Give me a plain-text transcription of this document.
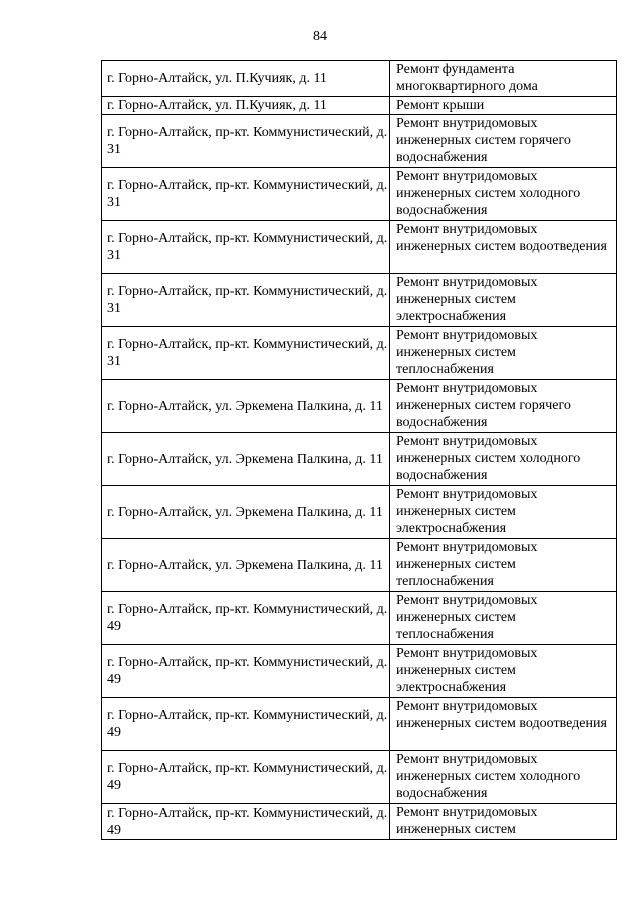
84
г. Горно-Алтайск, ул. П.Кучияк, д. 11	Ремонт фундамента многоквартирного дома
г. Горно-Алтайск, ул. П.Кучияк, д. 11	Ремонт крыши
г. Горно-Алтайск, пр-кт. Коммунистический, д. 31	Ремонт внутридомовых инженерных систем горячего водоснабжения
г. Горно-Алтайск, пр-кт. Коммунистический, д. 31	Ремонт внутридомовых инженерных систем холодного водоснабжения
г. Горно-Алтайск, пр-кт. Коммунистический, д. 31	Ремонт внутридомовых инженерных систем водоотведения
г. Горно-Алтайск, пр-кт. Коммунистический, д. 31	Ремонт внутридомовых инженерных систем электроснабжения
г. Горно-Алтайск, пр-кт. Коммунистический, д. 31	Ремонт внутридомовых инженерных систем теплоснабжения
г. Горно-Алтайск, ул. Эркемена Палкина, д. 11	Ремонт внутридомовых инженерных систем горячего водоснабжения
г. Горно-Алтайск, ул. Эркемена Палкина, д. 11	Ремонт внутридомовых инженерных систем холодного водоснабжения
г. Горно-Алтайск, ул. Эркемена Палкина, д. 11	Ремонт внутридомовых инженерных систем электроснабжения
г. Горно-Алтайск, ул. Эркемена Палкина, д. 11	Ремонт внутридомовых инженерных систем теплоснабжения
г. Горно-Алтайск, пр-кт. Коммунистический, д. 49	Ремонт внутридомовых инженерных систем теплоснабжения
г. Горно-Алтайск, пр-кт. Коммунистический, д. 49	Ремонт внутридомовых инженерных систем электроснабжения
г. Горно-Алтайск, пр-кт. Коммунистический, д. 49	Ремонт внутридомовых инженерных систем водоотведения
г. Горно-Алтайск, пр-кт. Коммунистический, д. 49	Ремонт внутридомовых инженерных систем холодного водоснабжения
г. Горно-Алтайск, пр-кт. Коммунистический, д. 49	Ремонт внутридомовых инженерных систем
